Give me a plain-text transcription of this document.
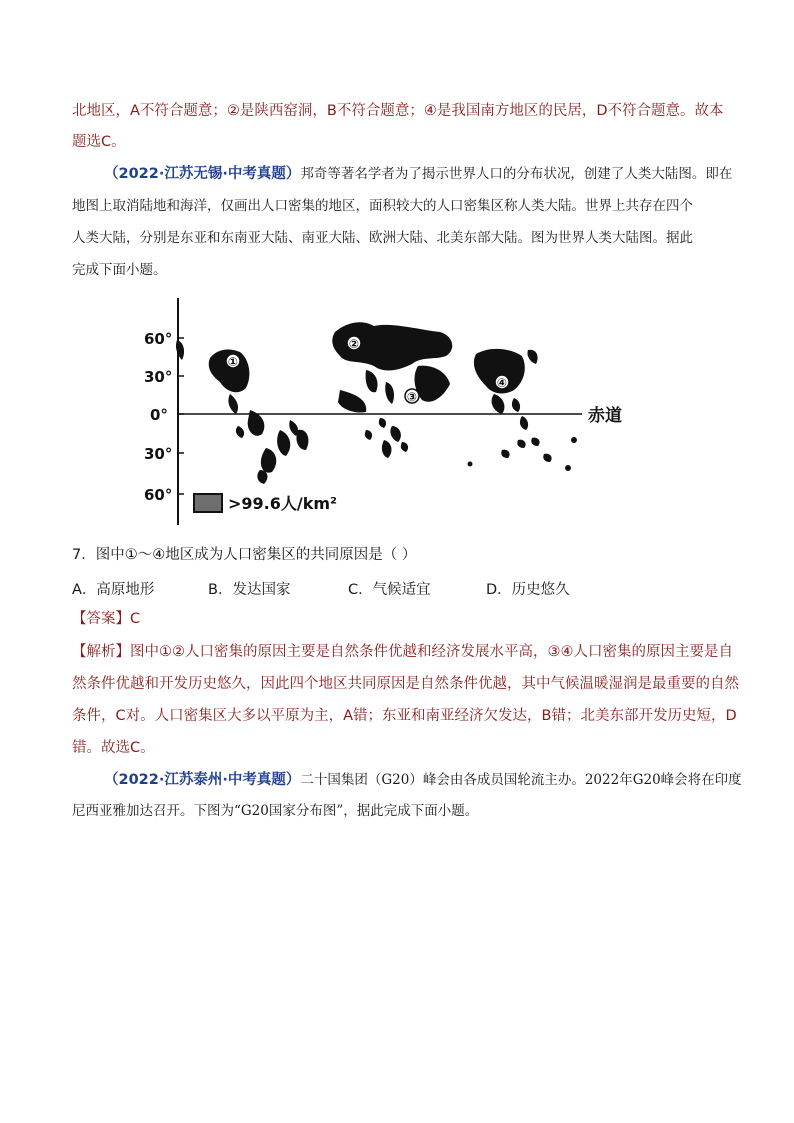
北地区，A不符合题意；②是陕西窑洞，B不符合题意；④是我国南方地区的民居，D不符合题意。故本
题选C。
（2022·江苏无锡·中考真题）邦奇等著名学者为了揭示世界人口的分布状况，创建了人类大陆图。即在
地图上取消陆地和海洋，仅画出人口密集的地区，面积较大的人口密集区称人类大陆。世界上共存在四个
人类大陆，分别是东亚和东南亚大陆、南亚大陆、欧洲大陆、北美东部大陆。图为世界人类大陆图。据此
完成下面小题。
60°
30°
0°
30°
60°
赤道
①
②
③
④
>99.6人/km²
7．图中①～④地区成为人口密集区的共同原因是（ ）
A．高原地形	B．发达国家	C．气候适宜	D．历史悠久
【答案】C
【解析】图中①②人口密集的原因主要是自然条件优越和经济发展水平高，③④人口密集的原因主要是自
然条件优越和开发历史悠久，因此四个地区共同原因是自然条件优越，其中气候温暖湿润是最重要的自然
条件，C对。人口密集区大多以平原为主，A错；东亚和南亚经济欠发达，B错；北美东部开发历史短，D
错。故选C。
（2022·江苏泰州·中考真题）二十国集团（G20）峰会由各成员国轮流主办。2022年G20峰会将在印度
尼西亚雅加达召开。下图为“G20国家分布图”，据此完成下面小题。
